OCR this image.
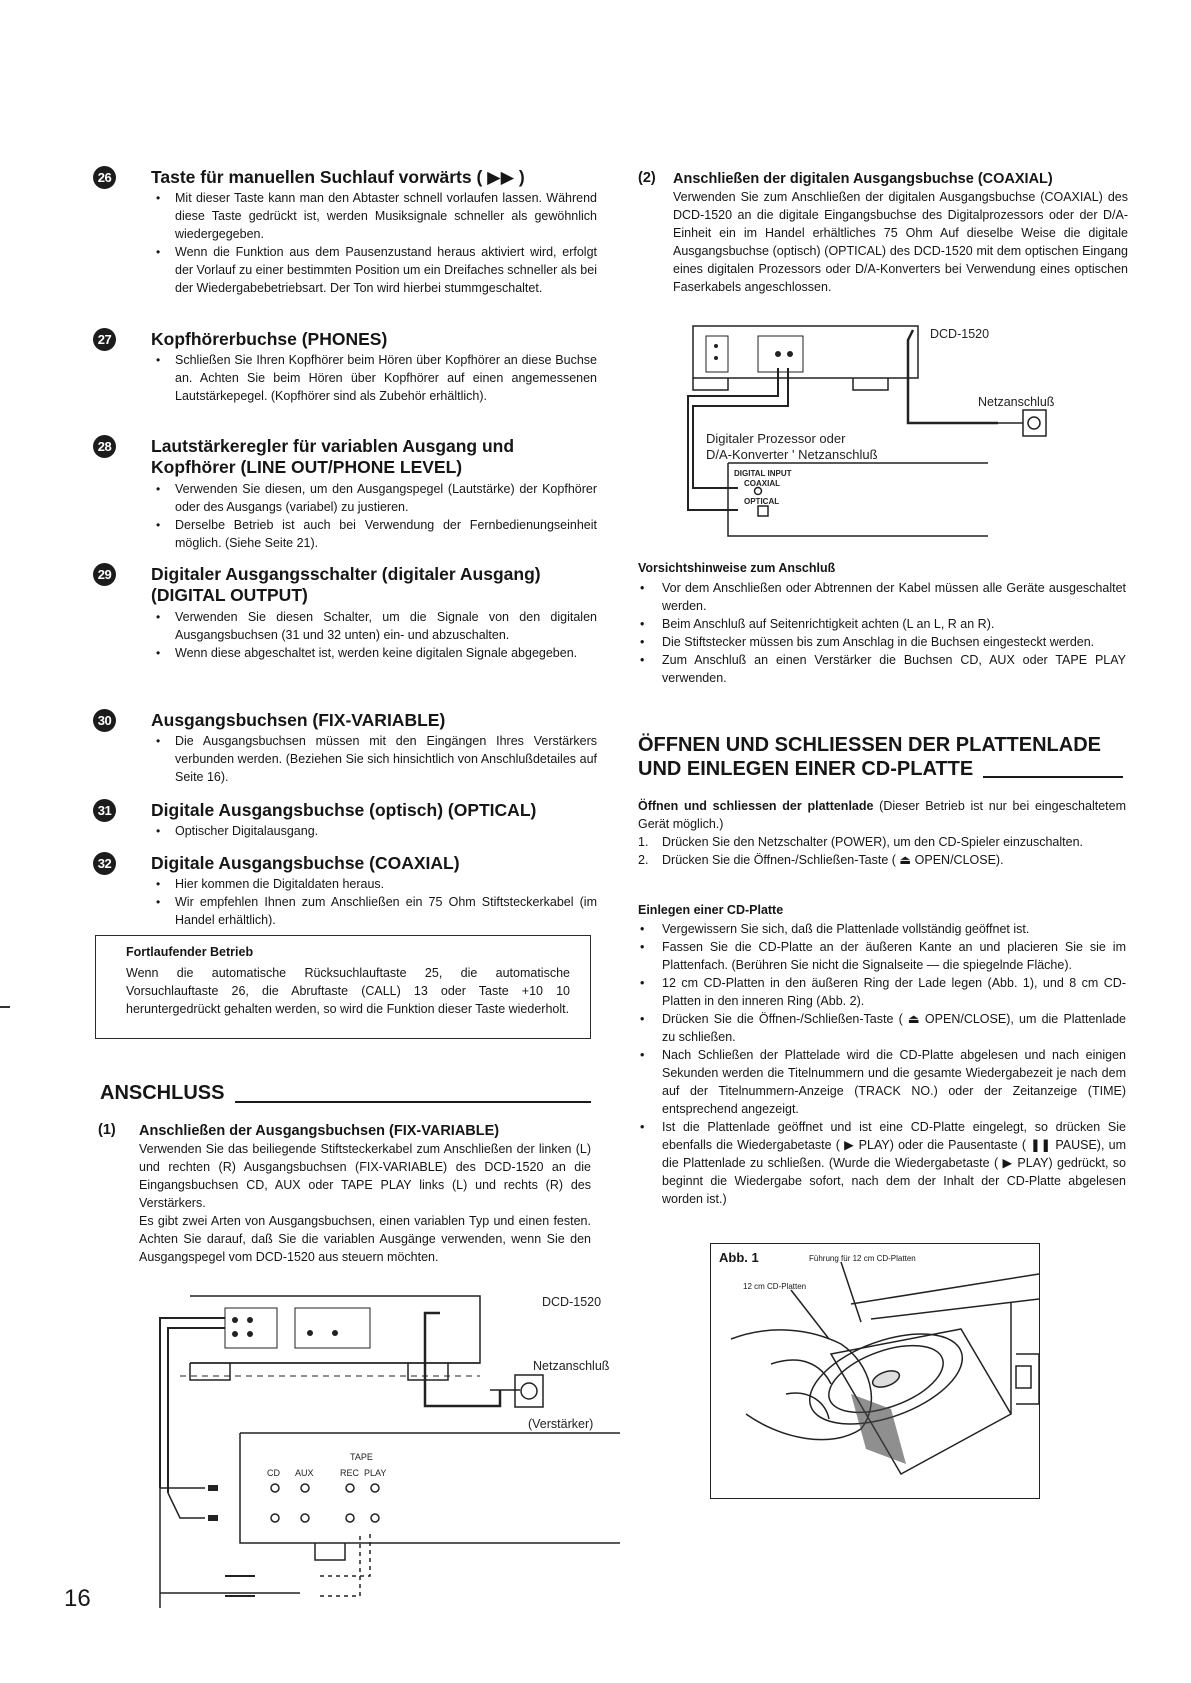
26 Taste für manuellen Suchlauf vorwärts ( ▶▶ )
• Mit dieser Taste kann man den Abtaster schnell vorlaufen lassen. Während diese Taste gedrückt ist, werden Musiksignale schneller als gewöhnlich wiedergegeben.
• Wenn die Funktion aus dem Pausenzustand heraus aktiviert wird, erfolgt der Vorlauf zu einer bestimmten Position um ein Dreifaches schneller als bei der Wiedergabebetriebsart. Der Ton wird hierbei stummgeschaltet.
27 Kopfhörerbuchse (PHONES)
• Schließen Sie Ihren Kopfhörer beim Hören über Kopfhörer an diese Buchse an. Achten Sie beim Hören über Kopfhörer auf einen angemessenen Lautstärkepegel. (Kopfhörer sind als Zubehör erhältlich).
28 Lautstärkeregler für variablen Ausgang und Kopfhörer (LINE OUT/PHONE LEVEL)
• Verwenden Sie diesen, um den Ausgangspegel (Lautstärke) der Kopfhörer oder des Ausgangs (variabel) zu justieren.
• Derselbe Betrieb ist auch bei Verwendung der Fernbedienungseinheit möglich. (Siehe Seite 21).
29 Digitaler Ausgangsschalter (digitaler Ausgang) (DIGITAL OUTPUT)
• Verwenden Sie diesen Schalter, um die Signale von den digitalen Ausgangsbuchsen (31 und 32 unten) ein- und abzuschalten.
• Wenn diese abgeschaltet ist, werden keine digitalen Signale abgegeben.
30 Ausgangsbuchsen (FIX-VARIABLE)
• Die Ausgangsbuchsen müssen mit den Eingängen Ihres Verstärkers verbunden werden. (Beziehen Sie sich hinsichtlich von Anschlußdetailes auf Seite 16).
31 Digitale Ausgangsbuchse (optisch) (OPTICAL)
• Optischer Digitalausgang.
32 Digitale Ausgangsbuchse (COAXIAL)
• Hier kommen die Digitaldaten heraus.
• Wir empfehlen Ihnen zum Anschließen ein 75 Ohm Stiftsteckerkabel (im Handel erhältlich).
Fortlaufender Betrieb
Wenn die automatische Rücksuchlauftaste 25, die automatische Vorsuchlauftaste 26, die Abruftaste (CALL) 13 oder Taste +10 10 heruntergedrückt gehalten werden, so wird die Funktion dieser Taste wiederholt.
ANSCHLUSS
(1) Anschließen der Ausgangsbuchsen (FIX-VARIABLE)
Verwenden Sie das beiliegende Stiftsteckerkabel zum Anschließen der linken (L) und rechten (R) Ausgangsbuchsen (FIX-VARIABLE) des DCD-1520 an die Eingangsbuchsen CD, AUX oder TAPE PLAY links (L) und rechts (R) des Verstärkers.
Es gibt zwei Arten von Ausgangsbuchsen, einen variablen Typ und einen festen. Achten Sie darauf, daß Sie die variablen Ausgänge verwenden, wenn Sie den Ausgangspegel vom DCD-1520 aus steuern möchten.
DCD-1520
Netzanschluß
(Verstärker)
CD AUX
TAPE
REC PLAY
(2) Anschließen der digitalen Ausgangsbuchse (COAXIAL)
Verwenden Sie zum Anschließen der digitalen Ausgangsbuchse (COAXIAL) des DCD-1520 an die digitale Eingangsbuchse des Digitalprozessors oder der D/A-Einheit ein im Handel erhältliches 75 Ohm Auf dieselbe Weise die digitale Ausgangsbuchse (optisch) (OPTICAL) des DCD-1520 mit dem optischen Eingang eines digitalen Prozessors oder D/A-Konverters bei Verwendung eines optischen Faserkabels angeschlossen.
DCD-1520
Netzanschluß
Digitaler Prozessor oder
D/A-Konverter ' Netzanschluß
DIGITAL INPUT
COAXIAL
OPTICAL
Vorsichtshinweise zum Anschluß
• Vor dem Anschließen oder Abtrennen der Kabel müssen alle Geräte ausgeschaltet werden.
• Beim Anschluß auf Seitenrichtigkeit achten (L an L, R an R).
• Die Stiftstecker müssen bis zum Anschlag in die Buchsen eingesteckt werden.
• Zum Anschluß an einen Verstärker die Buchsen CD, AUX oder TAPE PLAY verwenden.
ÖFFNEN UND SCHLIESSEN DER PLATTENLADE
UND EINLEGEN EINER CD-PLATTE
Öffnen und schliessen der plattenlade (Dieser Betrieb ist nur bei eingeschaltetem Gerät möglich.)
1. Drücken Sie den Netzschalter (POWER), um den CD-Spieler einzuschalten.
2. Drücken Sie die Öffnen-/Schließen-Taste ( ⏏ OPEN/CLOSE).
Einlegen einer CD-Platte
• Vergewissern Sie sich, daß die Plattenlade vollständig geöffnet ist.
• Fassen Sie die CD-Platte an der äußeren Kante an und placieren Sie sie im Plattenfach. (Berühren Sie nicht die Signalseite — die spiegelnde Fläche).
• 12 cm CD-Platten in den äußeren Ring der Lade legen (Abb. 1), und 8 cm CD-Platten in den inneren Ring (Abb. 2).
• Drücken Sie die Öffnen-/Schließen-Taste ( ⏏ OPEN/CLOSE), um die Plattenlade zu schließen.
• Nach Schließen der Plattelade wird die CD-Platte abgelesen und nach einigen Sekunden werden die Titelnummern und die gesamte Wiedergabezeit je nach dem auf der Titelnummern-Anzeige (TRACK NO.) oder der Zeitanzeige (TIME) entsprechend angezeigt.
• Ist die Plattenlade geöffnet und ist eine CD-Platte eingelegt, so drücken Sie ebenfalls die Wiedergabetaste ( ▶ PLAY) oder die Pausentaste ( ❚❚ PAUSE), um die Plattenlade zu schließen. (Wurde die Wiedergabetaste ( ▶ PLAY) gedrückt, so beginnt die Wiedergabe sofort, nach dem der Inhalt der CD-Platte abgelesen worden ist.)
Abb. 1	Führung für 12 cm CD-Platten
12 cm CD-Platten
16
